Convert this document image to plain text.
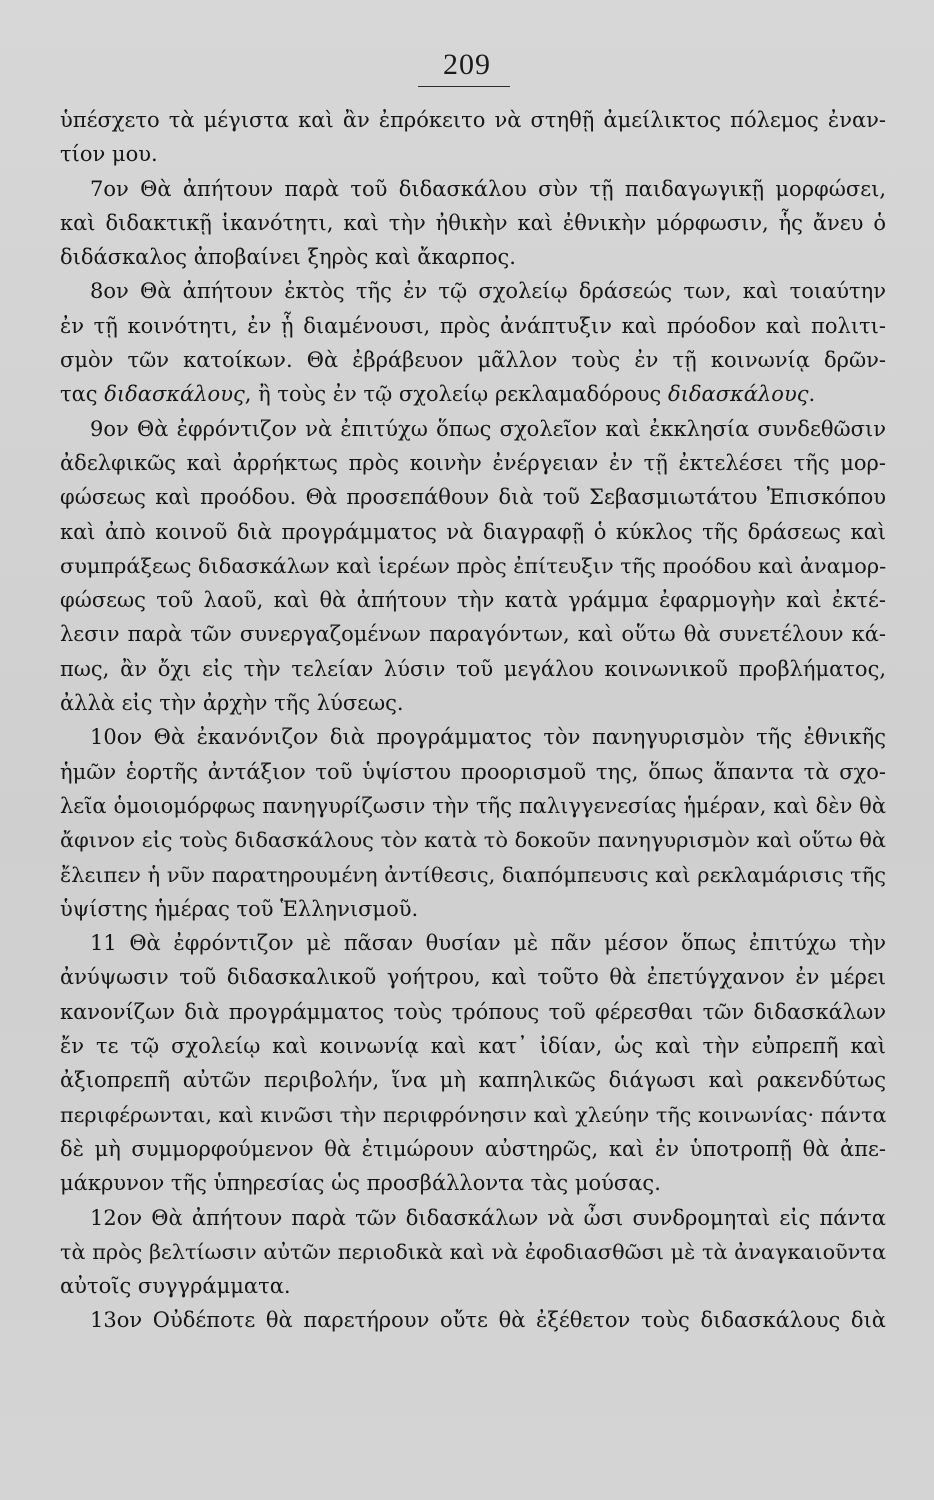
209
ὑπέσχετο τὰ μέγιστα καὶ ἂν ἐπρόκειτο νὰ στηθῇ ἀμείλικτος πόλεμος ἐναν-
τίον μου.
7ον Θὰ ἀπήτουν παρὰ τοῦ διδασκάλου σὺν τῇ παιδαγωγικῇ μορφώσει,
καὶ διδακτικῇ ἱκανότητι, καὶ τὴν ἠθικὴν καὶ ἐθνικὴν μόρφωσιν, ἧς ἄνευ ὁ
διδάσκαλος ἀποβαίνει ξηρὸς καὶ ἄκαρπος.
8ον Θὰ ἀπήτουν ἐκτὸς τῆς ἐν τῷ σχολείῳ δράσεώς των, καὶ τοιαύτην
ἐν τῇ κοινότητι, ἐν ᾗ διαμένουσι, πρὸς ἀνάπτυξιν καὶ πρόοδον καὶ πολιτι-
σμὸν τῶν κατοίκων. Θὰ ἐβράβευον μᾶλλον τοὺς ἐν τῇ κοινωνίᾳ δρῶν-
τας διδασκάλους, ἢ τοὺς ἐν τῷ σχολείῳ ρεκλαμαδόρους διδασκάλους.
9ον Θὰ ἐφρόντιζον νὰ ἐπιτύχω ὅπως σχολεῖον καὶ ἐκκλησία συνδεθῶσιν
ἀδελφικῶς καὶ ἀρρήκτως πρὸς κοινὴν ἐνέργειαν ἐν τῇ ἐκτελέσει τῆς μορ-
φώσεως καὶ προόδου. Θὰ προσεπάθουν διὰ τοῦ Σεβασμιωτάτου Ἐπισκόπου
καὶ ἀπὸ κοινοῦ διὰ προγράμματος νὰ διαγραφῇ ὁ κύκλος τῆς δράσεως καὶ
συμπράξεως διδασκάλων καὶ ἱερέων πρὸς ἐπίτευξιν τῆς προόδου καὶ ἀναμορ-
φώσεως τοῦ λαοῦ, καὶ θὰ ἀπήτουν τὴν κατὰ γράμμα ἐφαρμογὴν καὶ ἐκτέ-
λεσιν παρὰ τῶν συνεργαζομένων παραγόντων, καὶ οὕτω θὰ συνετέλουν κά-
πως, ἂν ὄχι εἰς τὴν τελείαν λύσιν τοῦ μεγάλου κοινωνικοῦ προβλήματος,
ἀλλὰ εἰς τὴν ἀρχὴν τῆς λύσεως.
10ον Θὰ ἐκανόνιζον διὰ προγράμματος τὸν πανηγυρισμὸν τῆς ἐθνικῆς
ἡμῶν ἑορτῆς ἀντάξιον τοῦ ὑψίστου προορισμοῦ της, ὅπως ἅπαντα τὰ σχο-
λεῖα ὁμοιομόρφως πανηγυρίζωσιν τὴν τῆς παλιγγενεσίας ἡμέραν, καὶ δὲν θὰ
ἄφινον εἰς τοὺς διδασκάλους τὸν κατὰ τὸ δοκοῦν πανηγυρισμὸν καὶ οὕτω θὰ
ἔλειπεν ἡ νῦν παρατηρουμένη ἀντίθεσις, διαπόμπευσις καὶ ρεκλαμάρισις τῆς
ὑψίστης ἡμέρας τοῦ Ἑλληνισμοῦ.
11 Θὰ ἐφρόντιζον μὲ πᾶσαν θυσίαν μὲ πᾶν μέσον ὅπως ἐπιτύχω τὴν
ἀνύψωσιν τοῦ διδασκαλικοῦ γοήτρου, καὶ τοῦτο θὰ ἐπετύγχανον ἐν μέρει
κανονίζων διὰ προγράμματος τοὺς τρόπους τοῦ φέρεσθαι τῶν διδασκάλων
ἔν τε τῷ σχολείῳ καὶ κοινωνίᾳ καὶ κατ᾽ ἰδίαν, ὡς καὶ τὴν εὐπρεπῆ καὶ
ἀξιοπρεπῆ αὐτῶν περιβολήν, ἵνα μὴ καπηλικῶς διάγωσι καὶ ρακενδύτως
περιφέρωνται, καὶ κινῶσι τὴν περιφρόνησιν καὶ χλεύην τῆς κοινωνίας· πάντα
δὲ μὴ συμμορφούμενον θὰ ἐτιμώρουν αὐστηρῶς, καὶ ἐν ὑποτροπῇ θὰ ἀπε-
μάκρυνον τῆς ὑπηρεσίας ὡς προσβάλλοντα τὰς μούσας.
12ον Θὰ ἀπήτουν παρὰ τῶν διδασκάλων νὰ ὦσι συνδρομηταὶ εἰς πάντα
τὰ πρὸς βελτίωσιν αὐτῶν περιοδικὰ καὶ νὰ ἐφοδιασθῶσι μὲ τὰ ἀναγκαιοῦντα
αὐτοῖς συγγράμματα.
13ον Οὐδέποτε θὰ παρετήρουν οὔτε θὰ ἐξέθετον τοὺς διδασκάλους διὰ
